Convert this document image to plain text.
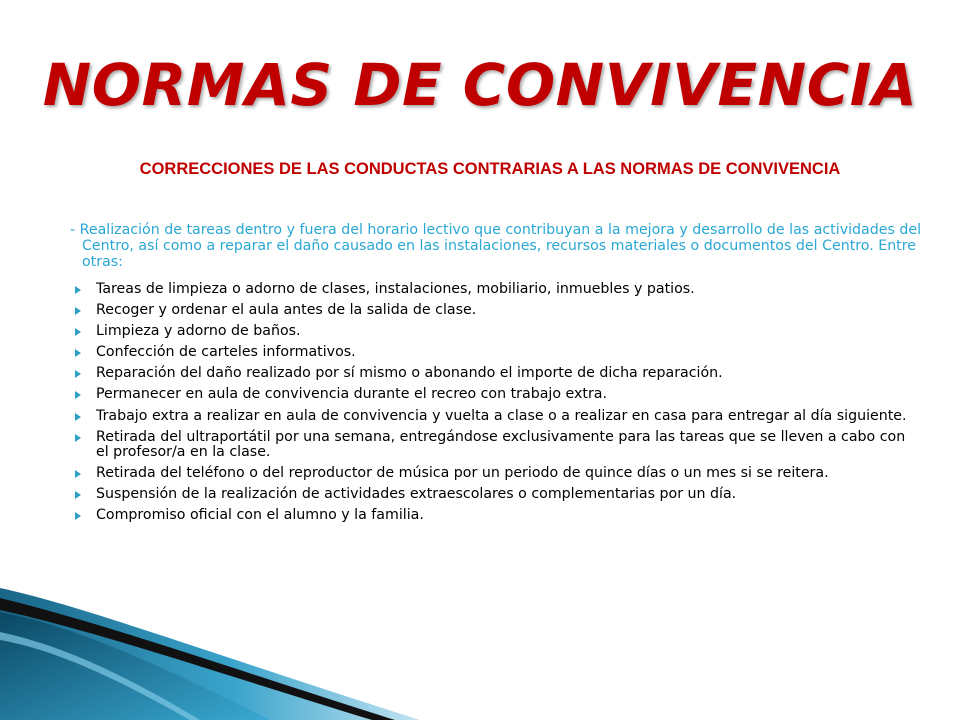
NORMAS DE CONVIVENCIA
CORRECCIONES DE LAS CONDUCTAS CONTRARIAS A LAS NORMAS DE CONVIVENCIA

- Realización de tareas dentro y fuera del horario lectivo que contribuyan a la mejora y desarrollo de las actividades del Centro, así como a reparar el daño causado en las instalaciones, recursos materiales o documentos del Centro. Entre otras:

Tareas de limpieza o adorno de clases, instalaciones, mobiliario, inmuebles y patios.
Recoger y ordenar el aula antes de la salida de clase.
Limpieza y adorno de baños.
Confección de carteles informativos.
Reparación del daño realizado por sí mismo o abonando el importe de dicha reparación.
Permanecer en aula de convivencia durante el recreo con trabajo extra.
Trabajo extra a realizar en aula de convivencia y vuelta a clase o a realizar en casa para entregar al día siguiente.
Retirada del ultraportátil por una semana, entregándose exclusivamente para las tareas que se lleven a cabo con el profesor/a en la clase.
Retirada del teléfono o del reproductor de música por un periodo de quince días o un mes si se reitera.
Suspensión de la realización de actividades extraescolares o complementarias por un día.
Compromiso oficial con el alumno y la familia.
